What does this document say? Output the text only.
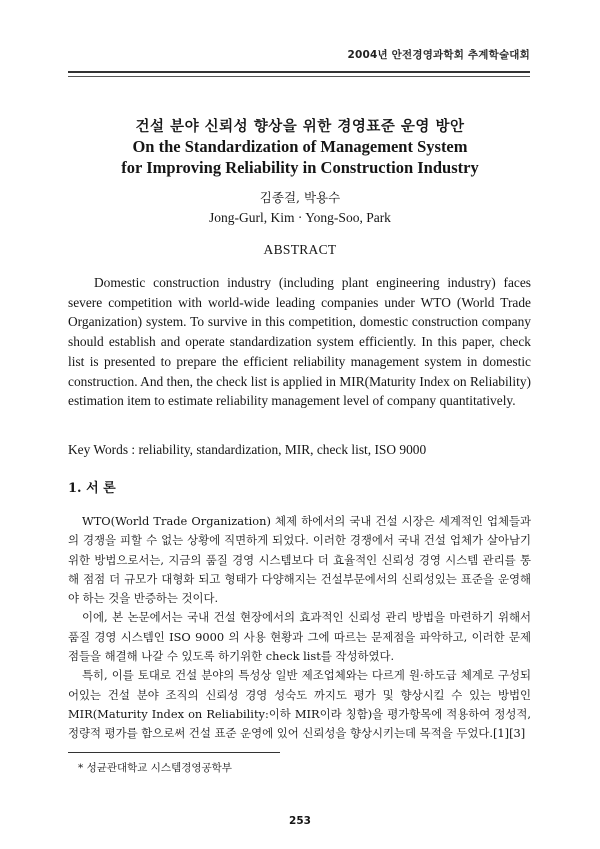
2004년 안전경영과학회 추계학술대회
건설 분야 신뢰성 향상을 위한 경영표준 운영 방안
On the Standardization of Management System
for Improving Reliability in Construction Industry
김종걸, 박용수
Jong-Gurl, Kim · Yong-Soo, Park
ABSTRACT
Domestic construction industry (including plant engineering industry) faces severe competition with world-wide leading companies under WTO (World Trade Organization) system. To survive in this competition, domestic construction company should establish and operate standardization system efficiently. In this paper, check list is presented to prepare the efficient reliability management system in domestic construction. And then, the check list is applied in MIR(Maturity Index on Reliability) estimation item to estimate reliability management level of company quantitatively.
Key Words : reliability, standardization, MIR, check list, ISO 9000
1. 서 론

WTO(World Trade Organization) 체제 하에서의 국내 건설 시장은 세계적인 업체들과의 경쟁을 피할 수 없는 상황에 직면하게 되었다. 이러한 경쟁에서 국내 건설 업체가 살아남기 위한 방법으로서는, 지금의 품질 경영 시스템보다 더 효율적인 신뢰성 경영 시스템 관리를 통해 점점 더 규모가 대형화 되고 형태가 다양해지는 건설부문에서의 신뢰성있는 표준을 운영해야 하는 것을 반증하는 것이다.

이에, 본 논문에서는 국내 건설 현장에서의 효과적인 신뢰성 관리 방법을 마련하기 위해서 품질 경영 시스템인 ISO 9000 의 사용 현황과 그에 따르는 문제점을 파악하고, 이러한 문제점들을 해결해 나갈 수 있도록 하기위한 check list를 작성하였다.

특히, 이를 토대로 건설 분야의 특성상 일반 제조업체와는 다르게 원·하도급 체계로 구성되어있는 건설 분야 조직의 신뢰성 경영 성숙도 까지도 평가 및 향상시킬 수 있는 방법인 MIR(Maturity Index on Reliability:이하 MIR이라 칭함)을 평가항목에 적용하여 정성적, 정량적 평가를 함으로써 건설 표준 운영에 있어 신뢰성을 향상시키는데 목적을 두었다.[1][3]

* 성균관대학교 시스템경영공학부
253
